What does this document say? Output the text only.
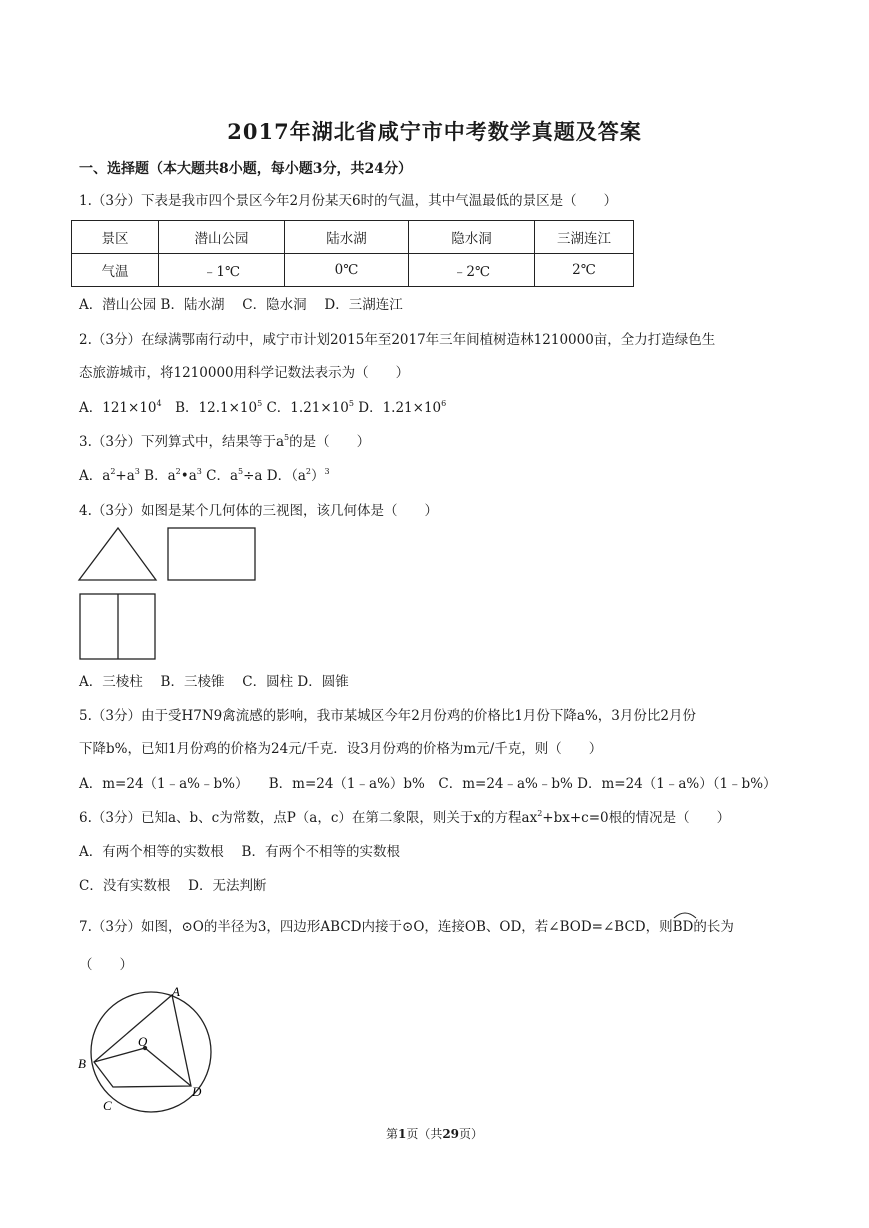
2017年湖北省咸宁市中考数学真题及答案
一、选择题（本大题共8小题，每小题3分，共24分）
1.（3分）下表是我市四个景区今年2月份某天6时的气温，其中气温最低的景区是（　　）
景区	潜山公园	陆水湖	隐水洞	三湖连江
气温	﹣1℃	0℃	﹣2℃	2℃
A．潜山公园 B．陆水湖　 C．隐水洞　 D．三湖连江
2.（3分）在绿满鄂南行动中，咸宁市计划2015年至2017年三年间植树造林1210000亩，全力打造绿色生
态旅游城市，将1210000用科学记数法表示为（　　）
A．$121\times 10^4$　B．$12.1\times 10^5$ C．$1.21\times 10^5$ D．$1.21\times 10^6$
3.（3分）下列算式中，结果等于$a^5$的是（　　）
A．$a^2+a^3$ B．$a^2•a^3$ C．$a^5\div a$ D．$(a^2)^3$
4.（3分）如图是某个几何体的三视图，该几何体是（　　）
A．三棱柱　 B．三棱锥　 C．圆柱 D．圆锥
5.（3分）由于受H7N9禽流感的影响，我市某城区今年2月份鸡的价格比1月份下降a%，3月份比2月份
下降b%，已知1月份鸡的价格为24元/千克．设3月份鸡的价格为m元/千克，则（　　）
A．m=24（1﹣a%﹣b%）　　B．m=24（1﹣a%）b%　C．m=24﹣a%﹣b% D．m=24（1﹣a%）（1﹣b%）
6.（3分）已知a、b、c为常数，点P（a，c）在第二象限，则关于x的方程$ax^2+bx+c=0$根的情况是（　　）
A．有两个相等的实数根　 B．有两个不相等的实数根
C．没有实数根　 D．无法判断
7.（3分）如图，⊙O的半径为3，四边形ABCD内接于⊙O，连接OB、OD，若∠BOD=∠BCD，则
BD的长为
（　　）
A
B
C
D
O
第1页（共29页）
